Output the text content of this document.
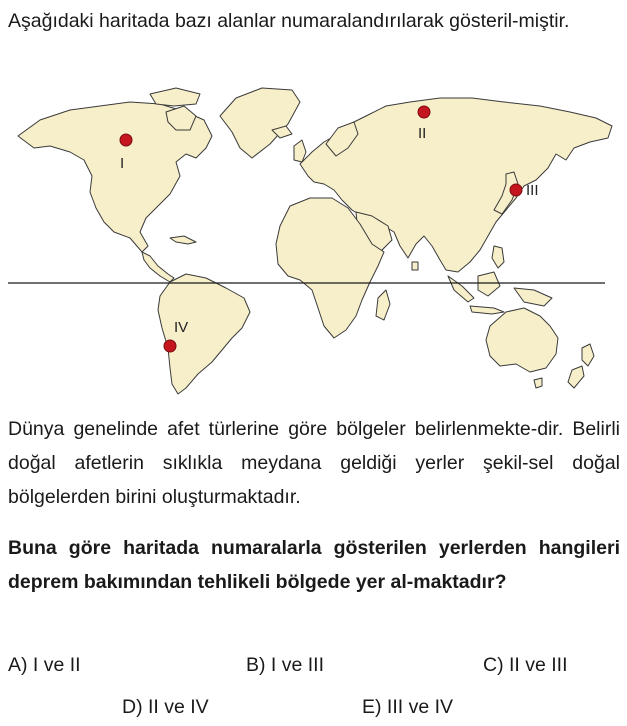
Aşağıdaki haritada bazı alanlar numaralandırılarak gösteril-miştir.
I
II
III
IV
Dünya genelinde afet türlerine göre bölgeler belirlenmekte-dir. Belirli doğal afetlerin sıklıkla meydana geldiği yerler şekil-sel doğal bölgelerden birini oluşturmaktadır.
Buna göre haritada numaralarla gösterilen yerlerden hangileri deprem bakımından tehlikeli bölgede yer al-maktadır?
A) I ve II	B) I ve III	C) II ve III
D) II ve IV	E) III ve IV
